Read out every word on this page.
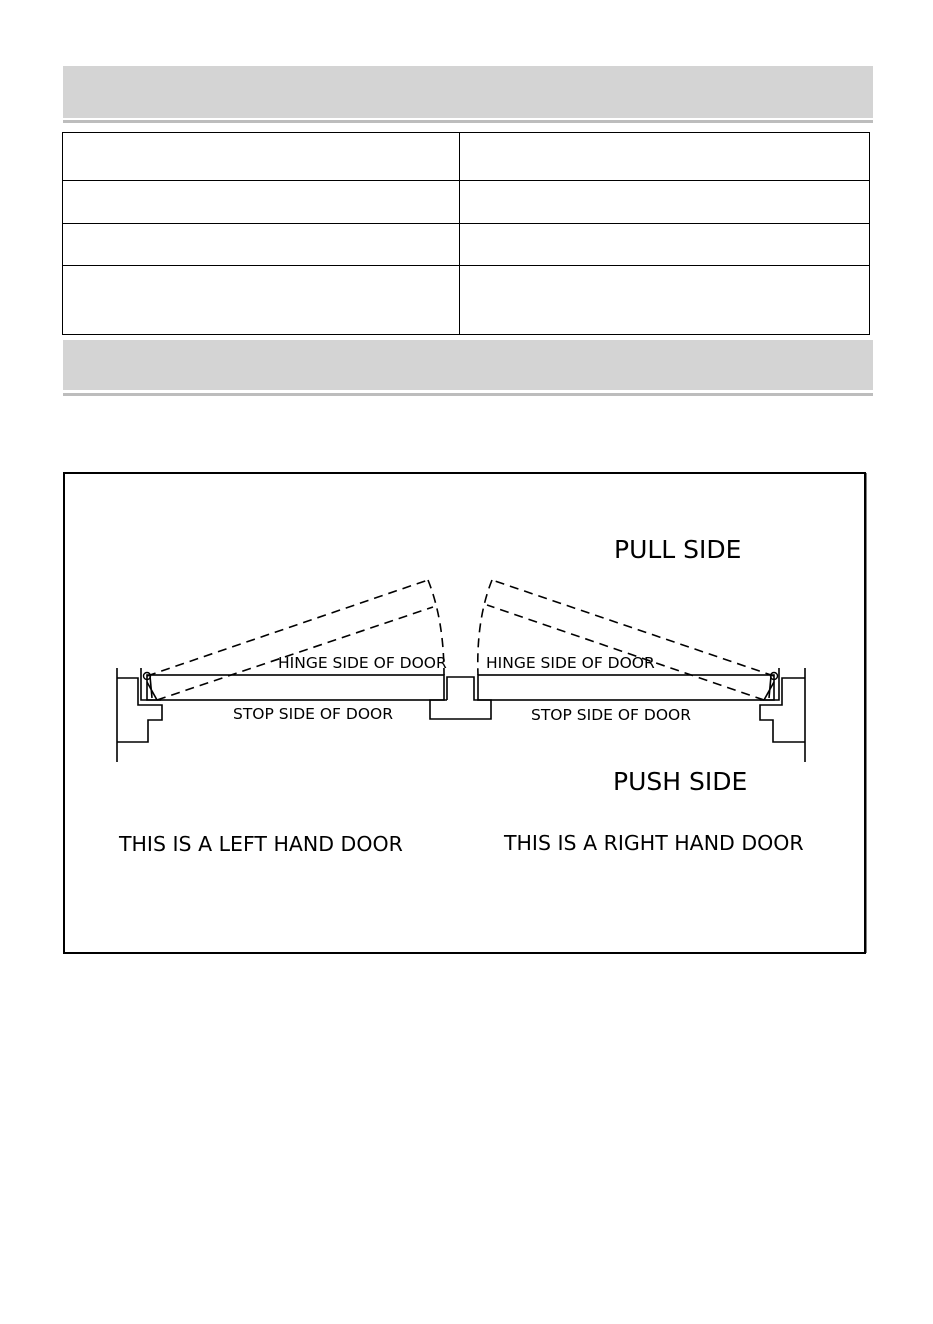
PULL SIDE
PUSH SIDE
HINGE SIDE OF DOOR	HINGE SIDE OF DOOR
STOP SIDE OF DOOR	STOP SIDE OF DOOR
THIS IS A LEFT HAND DOOR	THIS IS A RIGHT HAND DOOR
